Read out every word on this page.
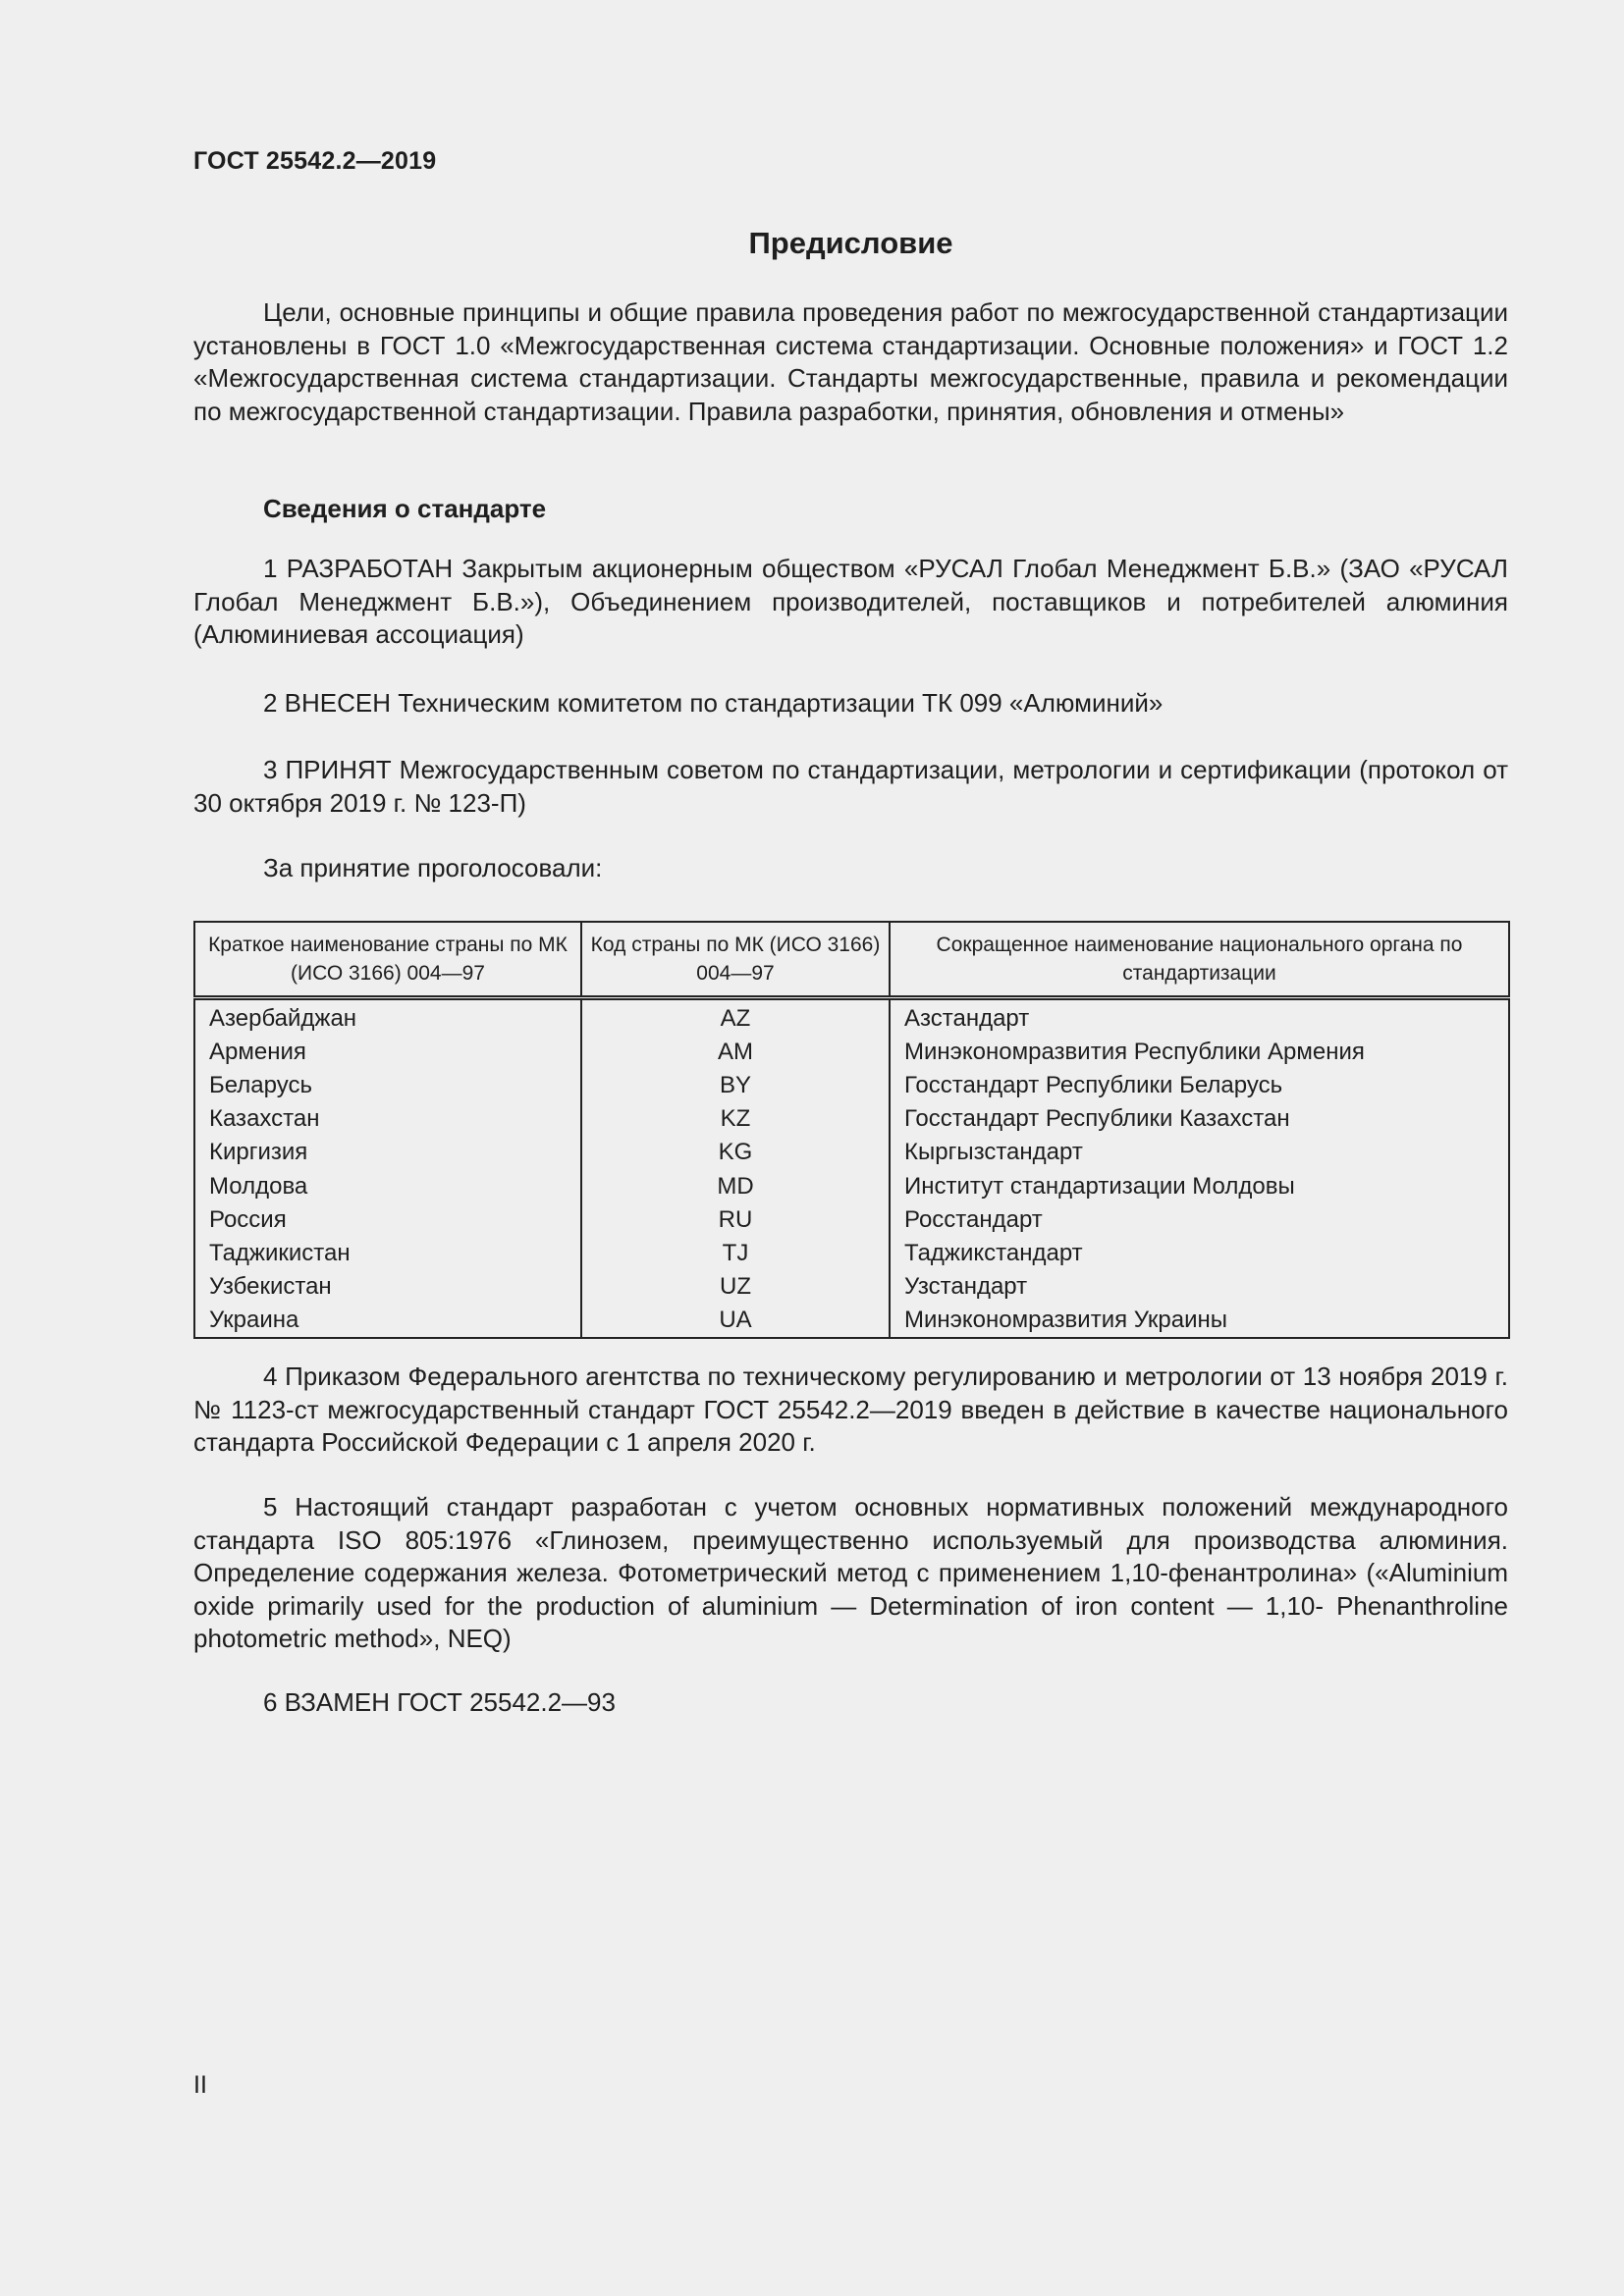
ГОСТ 25542.2—2019
Предисловие

Цели, основные принципы и общие правила проведения работ по межгосударственной стандартизации установлены в ГОСТ 1.0 «Межгосударственная система стандартизации. Основные положения» и ГОСТ 1.2 «Межгосударственная система стандартизации. Стандарты межгосударственные, правила и рекомендации по межгосударственной стандартизации. Правила разработки, принятия, обновления и отмены»

Сведения о стандарте

1 РАЗРАБОТАН Закрытым акционерным обществом «РУСАЛ Глобал Менеджмент Б.В.» (ЗАО «РУСАЛ Глобал Менеджмент Б.В.»), Объединением производителей, поставщиков и потребителей алюминия (Алюминиевая ассоциация)

2 ВНЕСЕН Техническим комитетом по стандартизации ТК 099 «Алюминий»

3 ПРИНЯТ Межгосударственным советом по стандартизации, метрологии и сертификации (протокол от 30 октября 2019 г. № 123-П)

За принятие проголосовали:
Краткое наименование страны по МК (ИСО 3166) 004—97	Код страны по МК (ИСО 3166) 004—97	Сокращенное наименование национального органа по стандартизации
Азербайджан	AZ	Азстандарт
Армения	AM	Минэкономразвития Республики Армения
Беларусь	BY	Госстандарт Республики Беларусь
Казахстан	KZ	Госстандарт Республики Казахстан
Киргизия	KG	Кыргызстандарт
Молдова	MD	Институт стандартизации Молдовы
Россия	RU	Росстандарт
Таджикистан	TJ	Таджикстандарт
Узбекистан	UZ	Узстандарт
Украина	UA	Минэкономразвития Украины

4 Приказом Федерального агентства по техническому регулированию и метрологии от 13 ноября 2019 г. № 1123-ст межгосударственный стандарт ГОСТ 25542.2—2019 введен в действие в качестве национального стандарта Российской Федерации с 1 апреля 2020 г.

5 Настоящий стандарт разработан с учетом основных нормативных положений международного стандарта ISO 805:1976 «Глинозем, преимущественно используемый для производства алюминия. Определение содержания железа. Фотометрический метод с применением 1,10-фенантролина» («Aluminium oxide primarily used for the production of aluminium — Determination of iron content — 1,10- Phenanthroline photometric method», NEQ)

6 ВЗАМЕН ГОСТ 25542.2—93

II
